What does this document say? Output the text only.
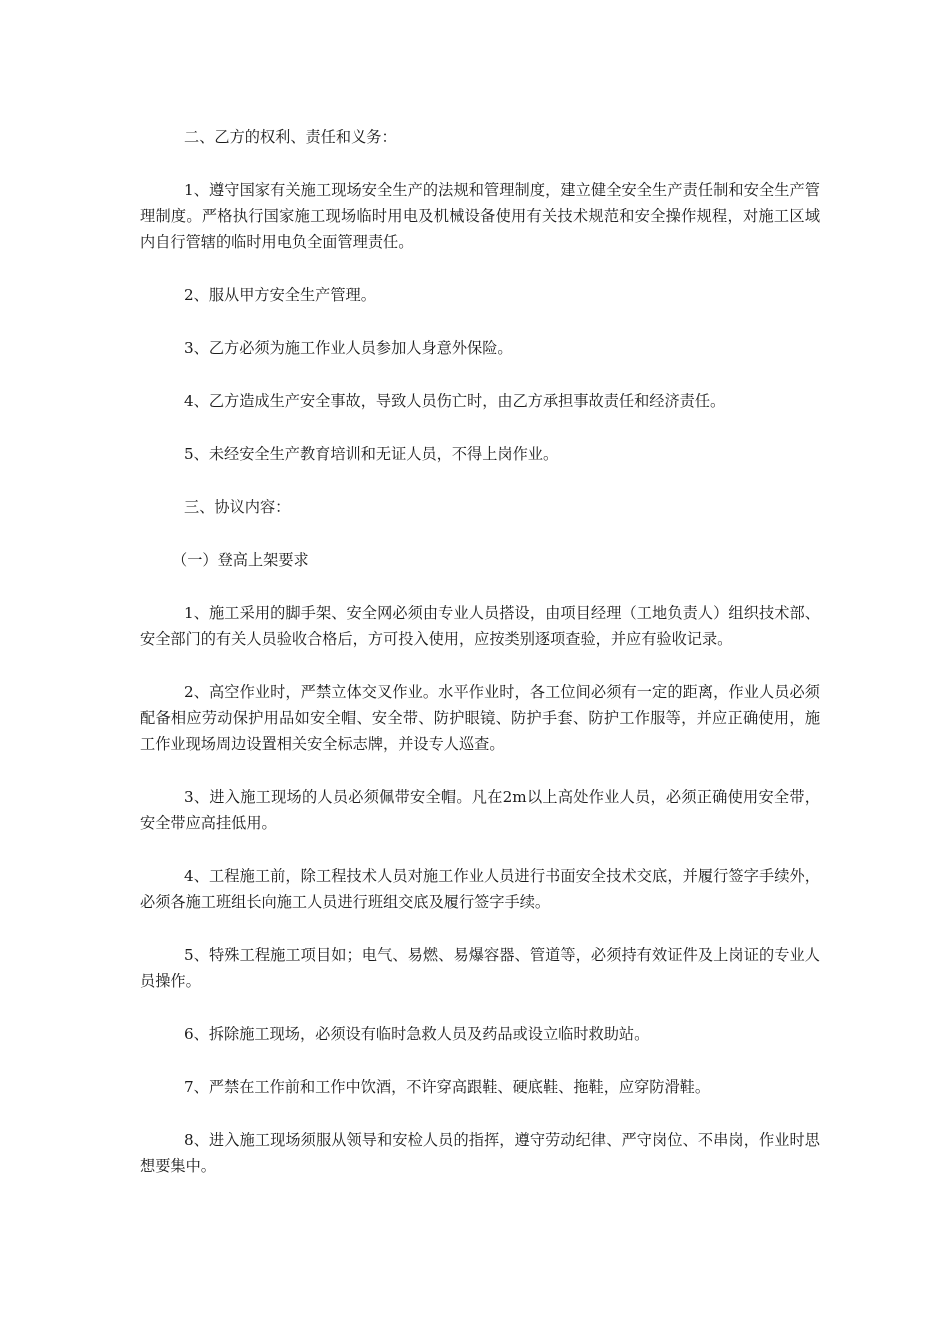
二、乙方的权利、责任和义务：

1、遵守国家有关施工现场安全生产的法规和管理制度，建立健全安全生产责任制和安全生产管理制度。严格执行国家施工现场临时用电及机械设备使用有关技术规范和安全操作规程，对施工区域内自行管辖的临时用电负全面管理责任。

2、服从甲方安全生产管理。

3、乙方必须为施工作业人员参加人身意外保险。

4、乙方造成生产安全事故，导致人员伤亡时，由乙方承担事故责任和经济责任。

5、未经安全生产教育培训和无证人员，不得上岗作业。

三、协议内容：

（一）登高上架要求

1、施工采用的脚手架、安全网必须由专业人员搭设，由项目经理（工地负责人）组织技术部、安全部门的有关人员验收合格后，方可投入使用，应按类别逐项查验，并应有验收记录。

2、高空作业时，严禁立体交叉作业。水平作业时，各工位间必须有一定的距离，作业人员必须配备相应劳动保护用品如安全帽、安全带、防护眼镜、防护手套、防护工作服等，并应正确使用，施工作业现场周边设置相关安全标志牌，并设专人巡查。

3、进入施工现场的人员必须佩带安全帽。凡在2m以上高处作业人员，必须正确使用安全带，安全带应高挂低用。

4、工程施工前，除工程技术人员对施工作业人员进行书面安全技术交底，并履行签字手续外，必须各施工班组长向施工人员进行班组交底及履行签字手续。

5、特殊工程施工项目如；电气、易燃、易爆容器、管道等，必须持有效证件及上岗证的专业人员操作。

6、拆除施工现场，必须设有临时急救人员及药品或设立临时救助站。

7、严禁在工作前和工作中饮酒，不许穿高跟鞋、硬底鞋、拖鞋，应穿防滑鞋。

8、进入施工现场须服从领导和安检人员的指挥，遵守劳动纪律、严守岗位、不串岗，作业时思想要集中。
